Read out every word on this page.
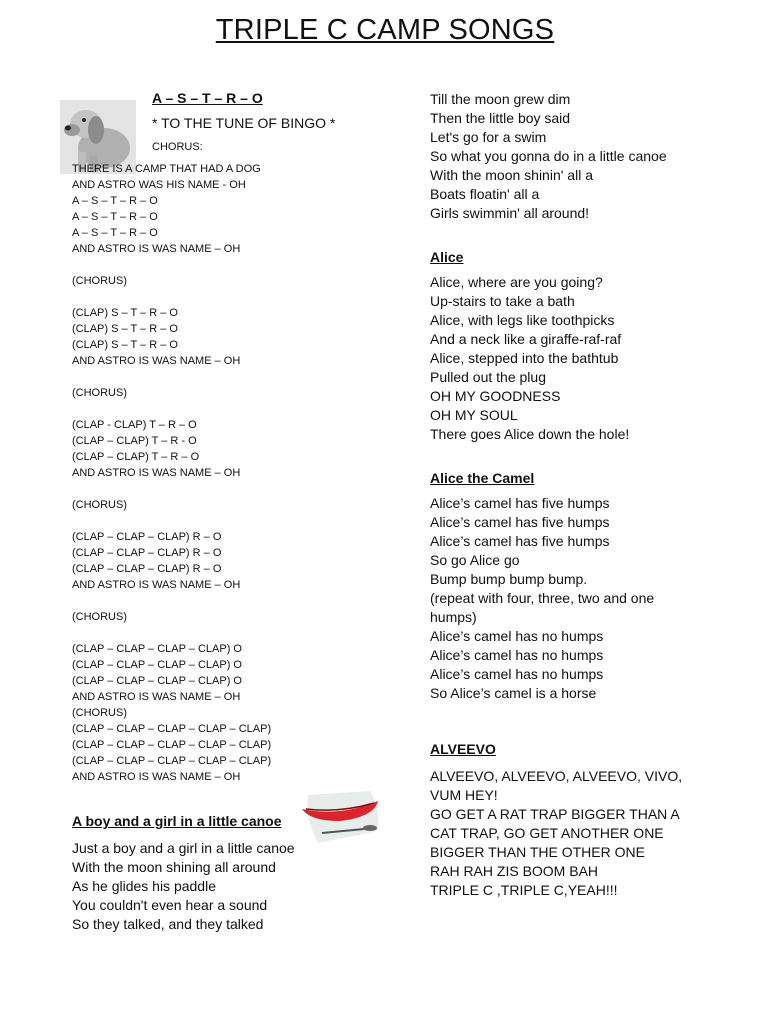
TRIPLE C CAMP SONGS
A – S – T – R – O
* TO THE TUNE OF BINGO *
CHORUS:
THERE IS A CAMP THAT HAD A DOG
AND ASTRO WAS HIS NAME - OH
A – S – T – R – O
A – S – T – R – O
A – S – T – R – O
AND ASTRO IS WAS NAME – OH
(CHORUS)
(CLAP) S – T – R – O
(CLAP) S – T – R – O
(CLAP) S – T – R – O
AND ASTRO IS WAS NAME – OH
(CHORUS)
(CLAP - CLAP) T – R – O
(CLAP – CLAP) T – R - O
(CLAP – CLAP) T – R – O
AND ASTRO IS WAS NAME – OH
(CHORUS)
(CLAP – CLAP – CLAP) R – O
(CLAP – CLAP – CLAP) R – O
(CLAP – CLAP – CLAP) R – O
AND ASTRO IS WAS NAME – OH
(CHORUS)
(CLAP – CLAP – CLAP – CLAP) O
(CLAP – CLAP – CLAP – CLAP) O
(CLAP – CLAP – CLAP – CLAP) O
AND ASTRO IS WAS NAME – OH
(CHORUS)
(CLAP – CLAP – CLAP – CLAP – CLAP)
(CLAP – CLAP – CLAP – CLAP – CLAP)
(CLAP – CLAP – CLAP – CLAP – CLAP)
AND ASTRO IS WAS NAME – OH
A boy and a girl in a little canoe
Just a boy and a girl in a little canoe
With the moon shining all around
As he glides his paddle
You couldn't even hear a sound
So they talked, and they talked
Till the moon grew dim
Then the little boy said
Let's go for a swim
So what you gonna do in a little canoe
With the moon shinin' all a
Boats floatin' all a
Girls swimmin' all around!
Alice
Alice, where are you going?
Up-stairs to take a bath
Alice, with legs like toothpicks
And a neck like a giraffe-raf-raf
Alice, stepped into the bathtub
Pulled out the plug
OH MY GOODNESS
OH MY SOUL
There goes Alice down the hole!
Alice the Camel
Alice’s camel has five humps
Alice’s camel has five humps
Alice’s camel has five humps
So go Alice go
Bump bump bump bump.
(repeat with four, three, two and one
humps)
Alice’s camel has no humps
Alice’s camel has no humps
Alice’s camel has no humps
So Alice’s camel is a horse
ALVEEVO
ALVEEVO, ALVEEVO, ALVEEVO, VIVO,
VUM HEY!
GO GET A RAT TRAP BIGGER THAN A
CAT TRAP, GO GET ANOTHER ONE
BIGGER THAN THE OTHER ONE
RAH RAH ZIS BOOM BAH
TRIPLE C ,TRIPLE C,YEAH!!!
